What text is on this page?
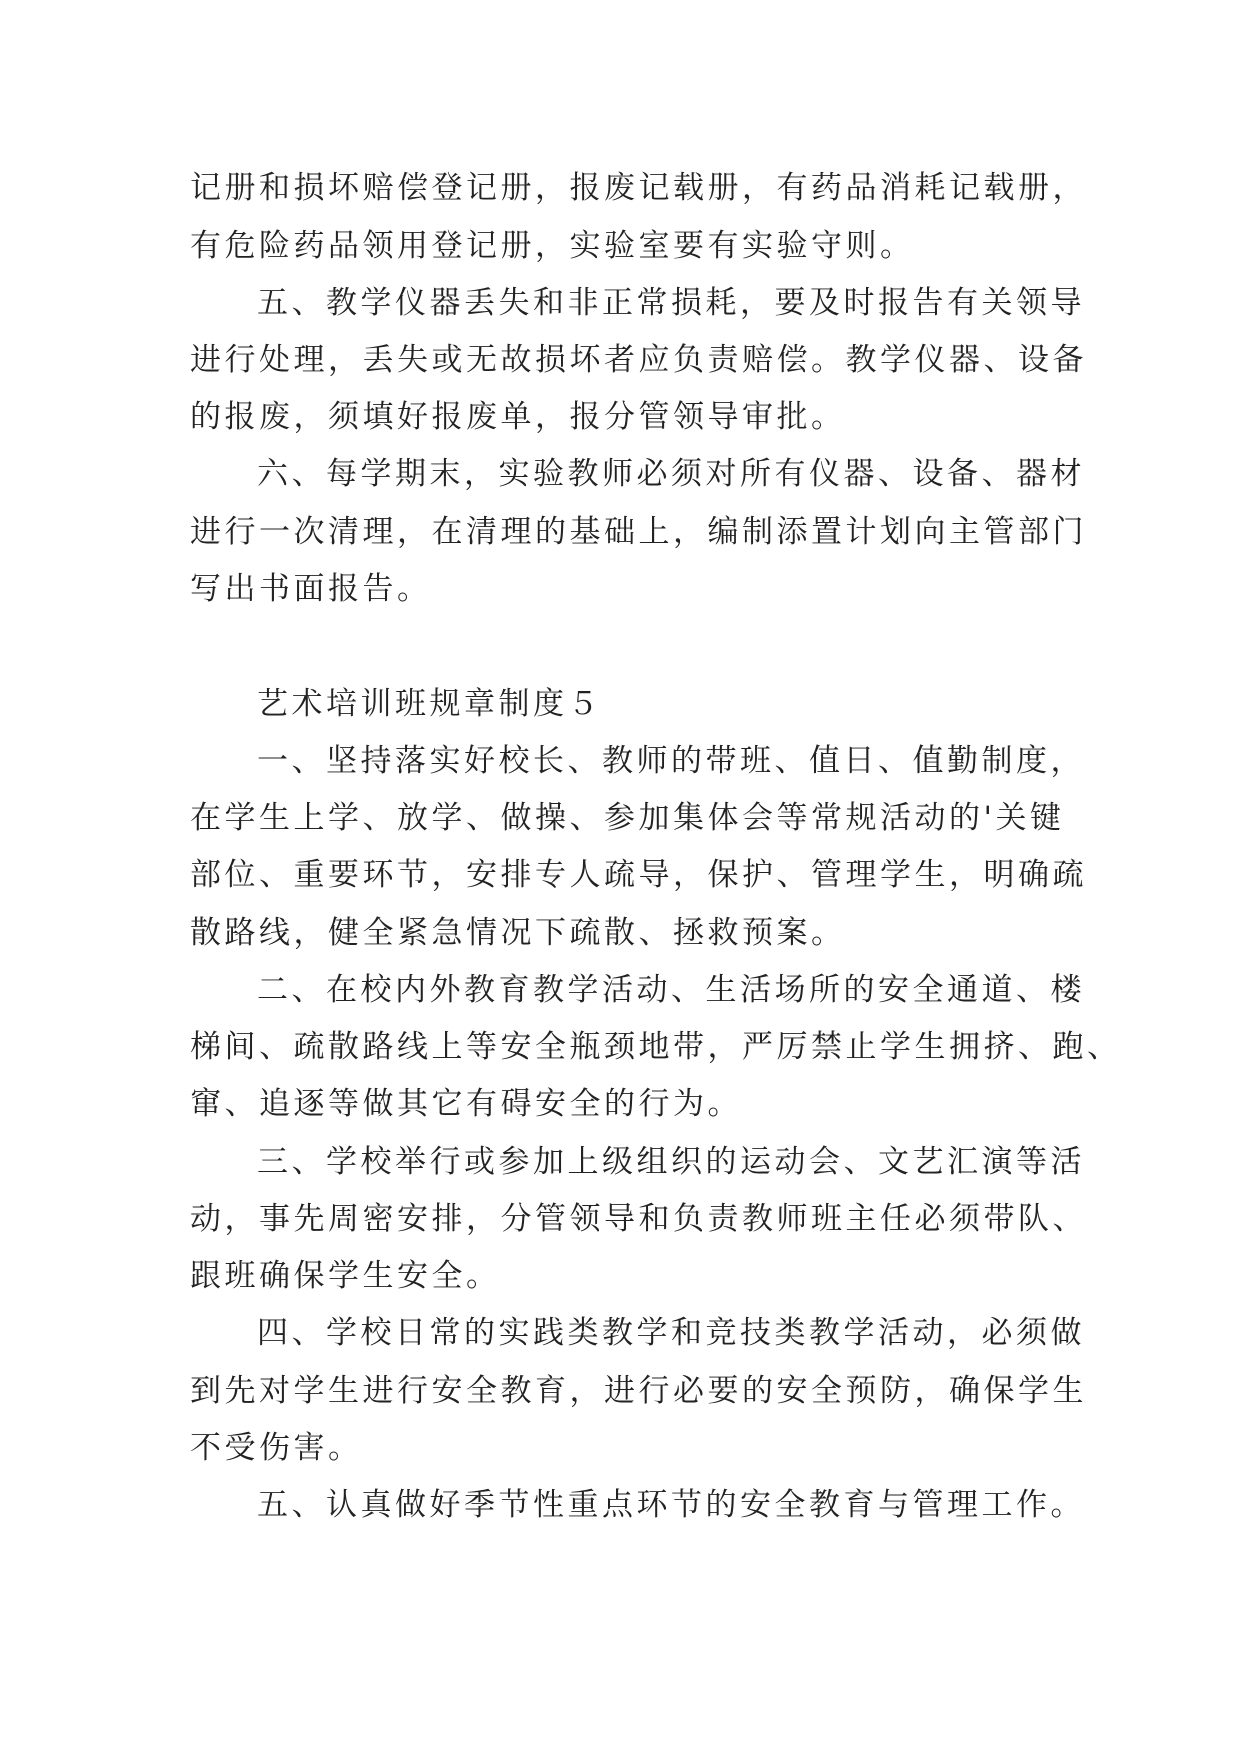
记册和损坏赔偿登记册，报废记载册，有药品消耗记载册，
有危险药品领用登记册，实验室要有实验守则。
五、教学仪器丢失和非正常损耗，要及时报告有关领导
进行处理，丢失或无故损坏者应负责赔偿。教学仪器、设备
的报废，须填好报废单，报分管领导审批。
六、每学期末，实验教师必须对所有仪器、设备、器材
进行一次清理，在清理的基础上，编制添置计划向主管部门
写出书面报告。
艺术培训班规章制度５
一、坚持落实好校长、教师的带班、值日、值勤制度，
在学生上学、放学、做操、参加集体会等常规活动的'关键
部位、重要环节，安排专人疏导，保护、管理学生，明确疏
散路线，健全紧急情况下疏散、拯救预案。
二、在校内外教育教学活动、生活场所的安全通道、楼
梯间、疏散路线上等安全瓶颈地带，严厉禁止学生拥挤、跑、
窜、追逐等做其它有碍安全的行为。
三、学校举行或参加上级组织的运动会、文艺汇演等活
动，事先周密安排，分管领导和负责教师班主任必须带队、
跟班确保学生安全。
四、学校日常的实践类教学和竞技类教学活动，必须做
到先对学生进行安全教育，进行必要的安全预防，确保学生
不受伤害。
五、认真做好季节性重点环节的安全教育与管理工作。
